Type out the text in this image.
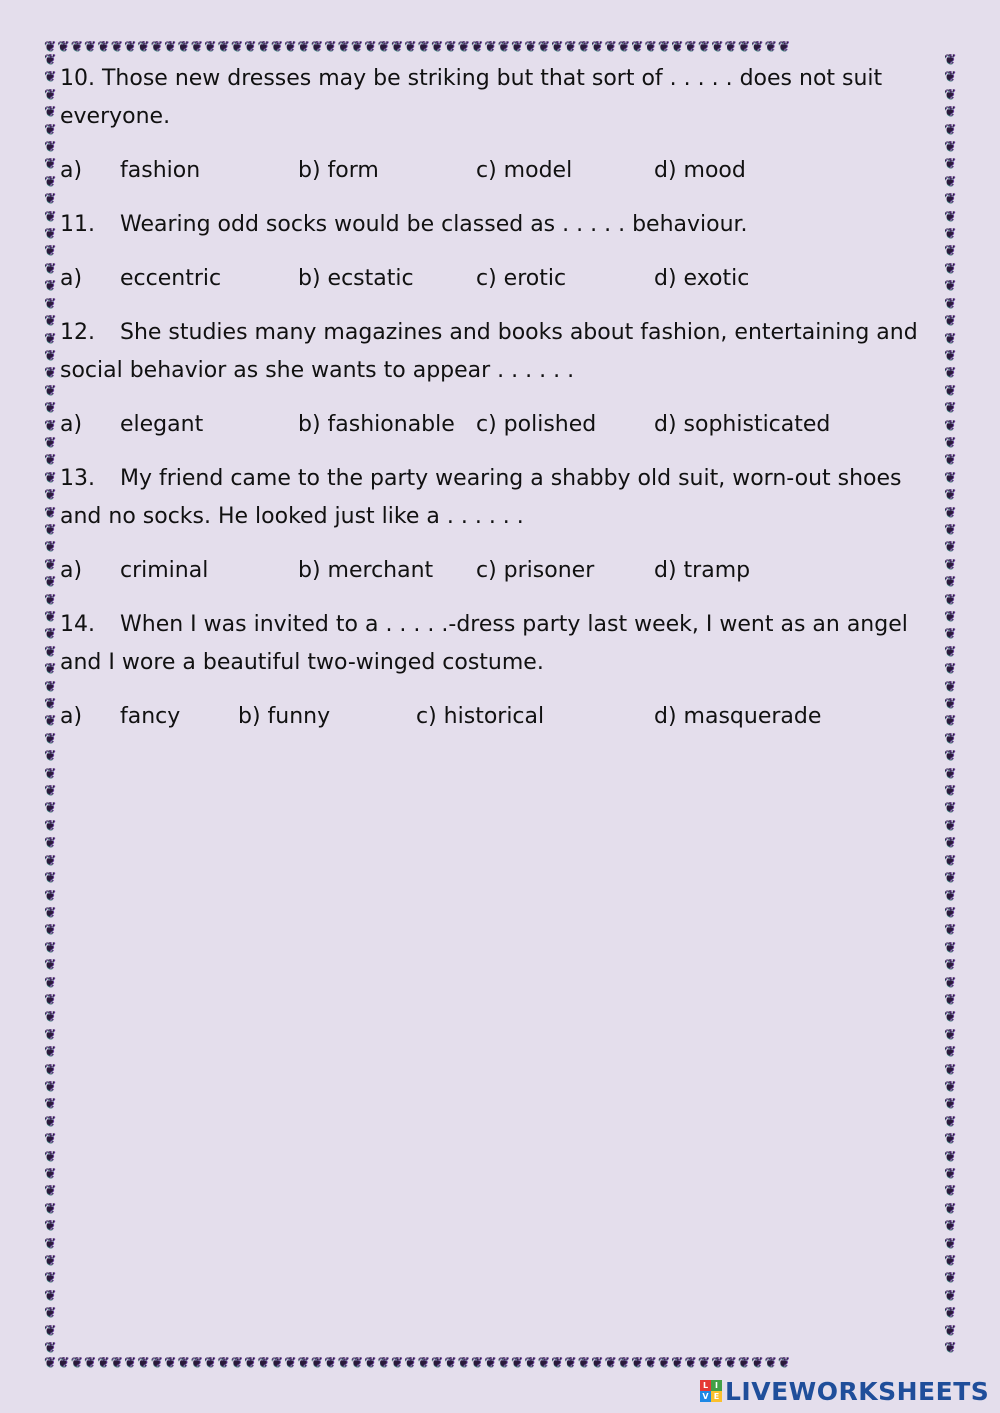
❦❦❦❦❦❦❦❦❦❦❦❦❦❦❦❦❦❦❦❦❦❦❦❦❦❦❦❦❦❦❦❦❦❦❦❦❦❦❦❦❦❦❦❦❦❦❦❦❦❦❦❦❦❦❦❦
❦❦❦❦❦❦❦❦❦❦❦❦❦❦❦❦❦❦❦❦❦❦❦❦❦❦❦❦❦❦❦❦❦❦❦❦❦❦❦❦❦❦❦❦❦❦❦❦❦❦❦❦❦❦❦❦
❦
❦
❦
❦
❦
❦
❦
❦
❦
❦
❦
❦
❦
❦
❦
❦
❦
❦
❦
❦
❦
❦
❦
❦
❦
❦
❦
❦
❦
❦
❦
❦
❦
❦
❦
❦
❦
❦
❦
❦
❦
❦
❦
❦
❦
❦
❦
❦
❦
❦
❦
❦
❦
❦
❦
❦
❦
❦
❦
❦
❦
❦
❦
❦
❦
❦
❦
❦
❦
❦
❦
❦
❦
❦
❦

❦
❦
❦
❦
❦
❦
❦
❦
❦
❦
❦
❦
❦
❦
❦
❦
❦
❦
❦
❦
❦
❦
❦
❦
❦
❦
❦
❦
❦
❦
❦
❦
❦
❦
❦
❦
❦
❦
❦
❦
❦
❦
❦
❦
❦
❦
❦
❦
❦
❦
❦
❦
❦
❦
❦
❦
❦
❦
❦
❦
❦
❦
❦
❦
❦
❦
❦
❦
❦
❦
❦
❦
❦
❦
❦

10. Those new dresses may be striking but that sort of . . . . . does not suit
everyone.

a) fashion	b) form	c) model	d) mood

11. Wearing odd socks would be classed as . . . . . behaviour.

a) eccentric	b) ecstatic	c) erotic	d) exotic

12. She studies many magazines and books about fashion, entertaining and
social behavior as she wants to appear . . . . . .

a) elegant	b) fashionable c) polished	d) sophisticated

13. My friend came to the party wearing a shabby old suit, worn-out shoes
and no socks. He looked just like a . . . . . .

a) criminal	b) merchant c) prisoner	d) tramp

14. When I was invited to a . . . . .-dress party last week, I went as an angel
and I wore a beautiful two-winged costume.

a) fancy	b) funny	c) historical	d) masquerade
L I
V E LIVEWORKSHEETS
